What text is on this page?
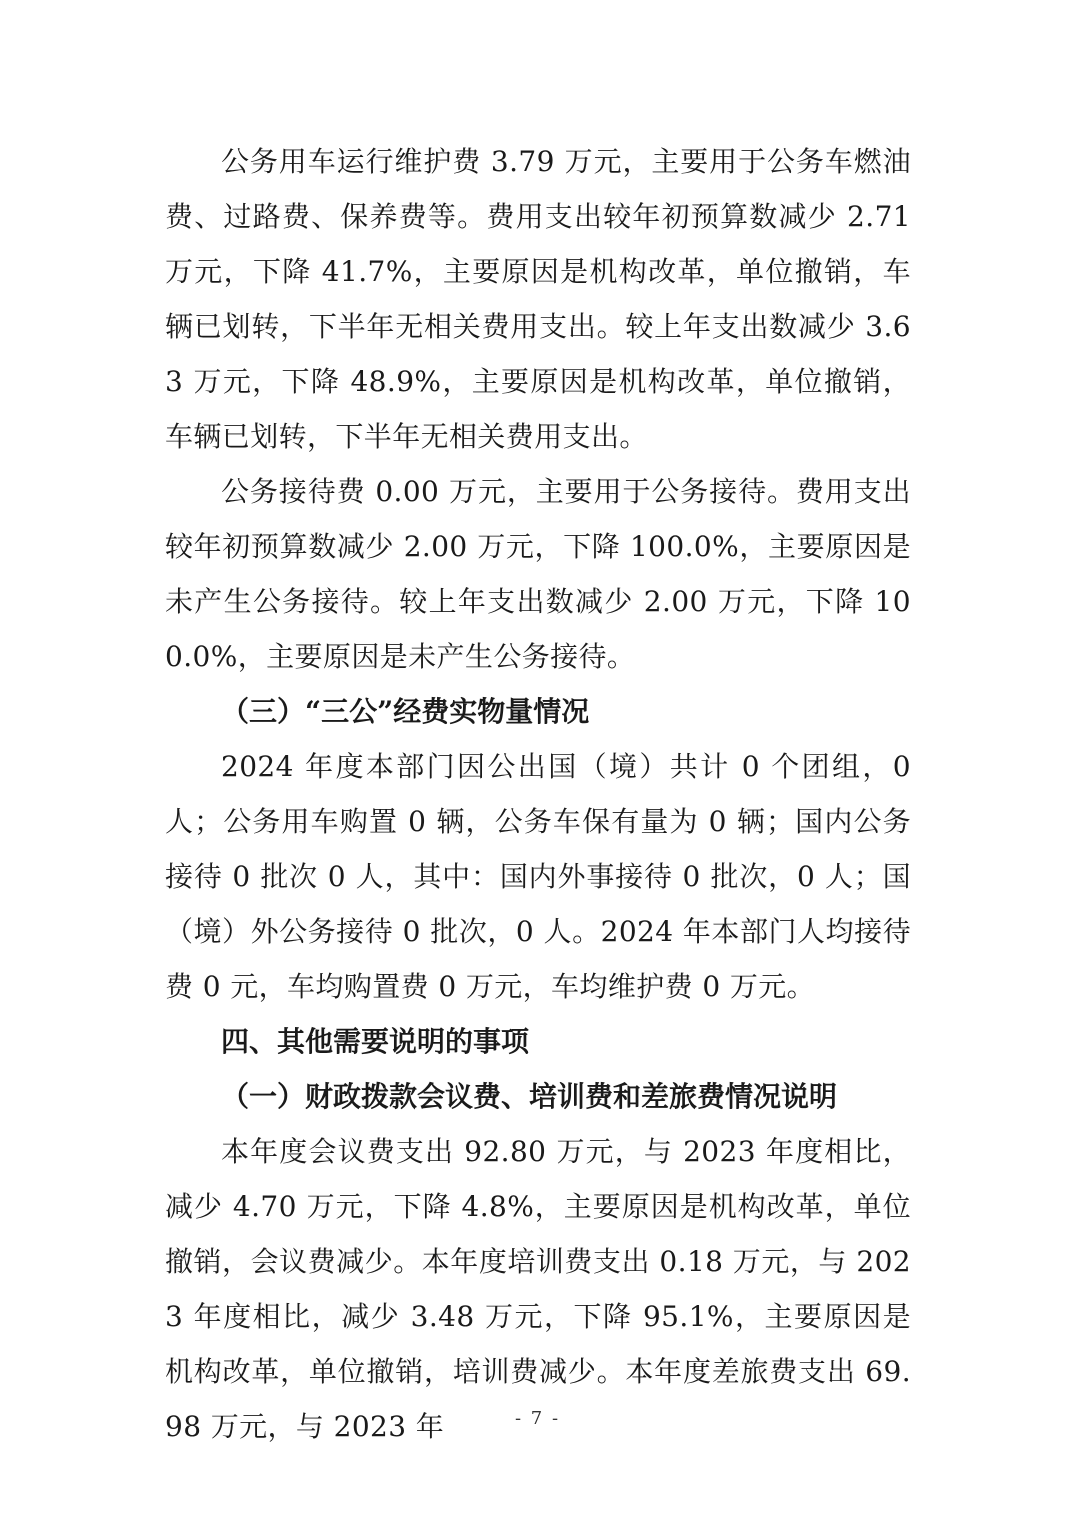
公务用车运行维护费 3.79 万元，主要用于公务车燃油费、过路费、保养费等。费用支出较年初预算数减少 2.71 万元，下降 41.7%，主要原因是机构改革，单位撤销，车辆已划转，下半年无相关费用支出。较上年支出数减少 3.63 万元，下降 48.9%，主要原因是机构改革，单位撤销，车辆已划转，下半年无相关费用支出。

公务接待费 0.00 万元，主要用于公务接待。费用支出较年初预算数减少 2.00 万元，下降 100.0%，主要原因是未产生公务接待。较上年支出数减少 2.00 万元，下降 100.0%，主要原因是未产生公务接待。

（三）“三公”经费实物量情况

2024 年度本部门因公出国（境）共计 0 个团组，0 人；公务用车购置 0 辆，公务车保有量为 0 辆；国内公务接待 0 批次 0 人，其中：国内外事接待 0 批次，0 人；国（境）外公务接待 0 批次，0 人。2024 年本部门人均接待费 0 元，车均购置费 0 万元，车均维护费 0 万元。

四、其他需要说明的事项

（一）财政拨款会议费、培训费和差旅费情况说明

本年度会议费支出 92.80 万元，与 2023 年度相比，减少 4.70 万元，下降 4.8%，主要原因是机构改革，单位撤销，会议费减少。本年度培训费支出 0.18 万元，与 2023 年度相比，减少 3.48 万元，下降 95.1%，主要原因是机构改革，单位撤销，培训费减少。本年度差旅费支出 69.98 万元，与 2023 年	- 7 -
